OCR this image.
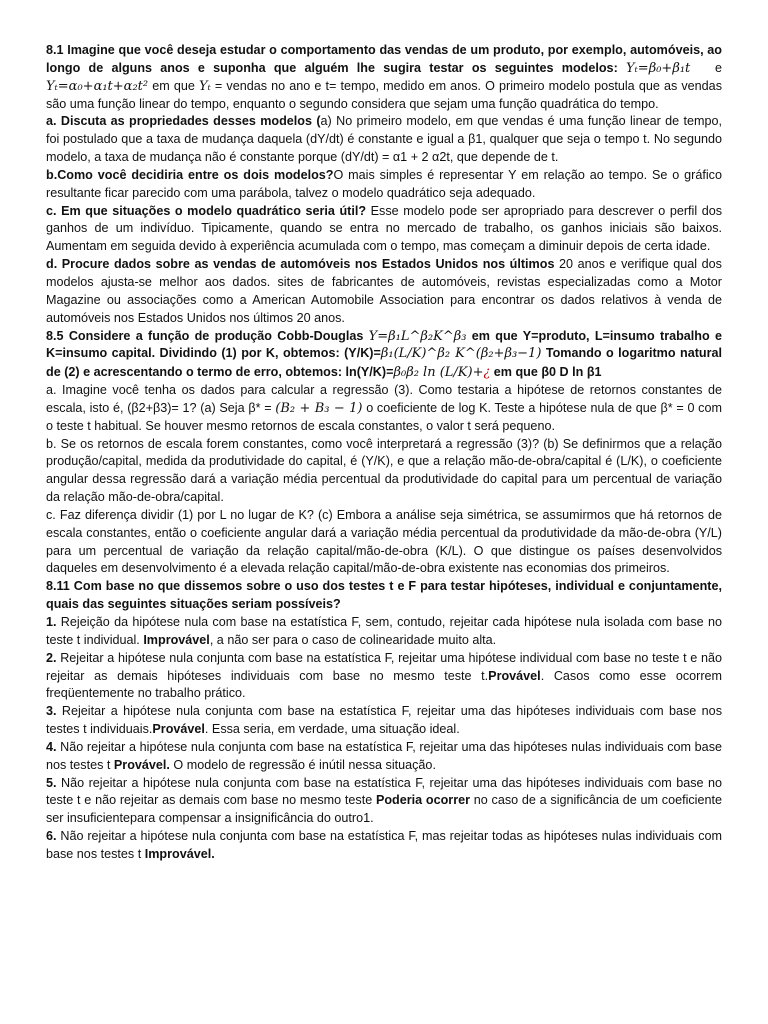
8.1 Imagine que você deseja estudar o comportamento das vendas de um produto, por exemplo, automóveis, ao longo de alguns anos e suponha que alguém lhe sugira testar os seguintes modelos: Yₜ=β₀+β₁t e Yₜ=α₀+α₁t+α₂t² em que Yₜ = vendas no ano e t= tempo, medido em anos. O primeiro modelo postula que as vendas são uma função linear do tempo, enquanto o segundo considera que sejam uma função quadrática do tempo.

a. Discuta as propriedades desses modelos (a) No primeiro modelo, em que vendas é uma função linear de tempo, foi postulado que a taxa de mudança daquela (dY/dt) é constante e igual a β1, qualquer que seja o tempo t. No segundo modelo, a taxa de mudança não é constante porque (dY/dt) = α1 + 2 α2t, que depende de t.

b.Como você decidiria entre os dois modelos?O mais simples é representar Y em relação ao tempo. Se o gráfico resultante ficar parecido com uma parábola, talvez o modelo quadrático seja adequado.

c. Em que situações o modelo quadrático seria útil? Esse modelo pode ser apropriado para descrever o perfil dos ganhos de um indivíduo. Tipicamente, quando se entra no mercado de trabalho, os ganhos iniciais são baixos. Aumentam em seguida devido à experiência acumulada com o tempo, mas começam a diminuir depois de certa idade.

d. Procure dados sobre as vendas de automóveis nos Estados Unidos nos últimos 20 anos e verifique qual dos modelos ajusta-se melhor aos dados. sites de fabricantes de automóveis, revistas especializadas como a Motor Magazine ou associações como a American Automobile Association para encontrar os dados relativos à venda de automóveis nos Estados Unidos nos últimos 20 anos.

8.5 Considere a função de produção Cobb-Douglas Y=β₁L^β₂K^β₃ em que Y=produto, L=insumo trabalho e K=insumo capital. Dividindo (1) por K, obtemos: (Y/K)=β₁(L/K)^β₂ K^(β₂+β₃−1) Tomando o logaritmo natural de (2) e acrescentando o termo de erro, obtemos: ln(Y/K)=β₀β₂ ln (L/K)+¿ em que β0 D ln β1

a. Imagine você tenha os dados para calcular a regressão (3). Como testaria a hipótese de retornos constantes de escala, isto é, (β2+β3)= 1? (a) Seja β* = (B₂ + B₃ − 1) o coeficiente de log K. Teste a hipótese nula de que β* = 0 com o teste t habitual. Se houver mesmo retornos de escala constantes, o valor t será pequeno.

b. Se os retornos de escala forem constantes, como você interpretará a regressão (3)? (b) Se definirmos que a relação produção/capital, medida da produtividade do capital, é (Y/K), e que a relação mão-de-obra/capital é (L/K), o coeficiente angular dessa regressão dará a variação média percentual da produtividade do capital para um percentual de variação da relação mão-de-obra/capital.

c. Faz diferença dividir (1) por L no lugar de K? (c) Embora a análise seja simétrica, se assumirmos que há retornos de escala constantes, então o coeficiente angular dará a variação média percentual da produtividade da mão-de-obra (Y/L) para um percentual de variação da relação capital/mão-de-obra (K/L). O que distingue os países desenvolvidos daqueles em desenvolvimento é a elevada relação capital/mão-de-obra existente nas economias dos primeiros.

8.11 Com base no que dissemos sobre o uso dos testes t e F para testar hipóteses, individual e conjuntamente, quais das seguintes situações seriam possíveis?

1. Rejeição da hipótese nula com base na estatística F, sem, contudo, rejeitar cada hipótese nula isolada com base no teste t individual. Improvável, a não ser para o caso de colinearidade muito alta.

2. Rejeitar a hipótese nula conjunta com base na estatística F, rejeitar uma hipótese individual com base no teste t e não rejeitar as demais hipóteses individuais com base no mesmo teste t.Provável. Casos como esse ocorrem freqüentemente no trabalho prático.

3. Rejeitar a hipótese nula conjunta com base na estatística F, rejeitar uma das hipóteses individuais com base nos testes t individuais.Provável. Essa seria, em verdade, uma situação ideal.

4. Não rejeitar a hipótese nula conjunta com base na estatística F, rejeitar uma das hipóteses nulas individuais com base nos testes t Provável. O modelo de regressão é inútil nessa situação.

5. Não rejeitar a hipótese nula conjunta com base na estatística F, rejeitar uma das hipóteses individuais com base no teste t e não rejeitar as demais com base no mesmo teste Poderia ocorrer no caso de a significância de um coeficiente ser insuficientepara compensar a insignificância do outro1.

6. Não rejeitar a hipótese nula conjunta com base na estatística F, mas rejeitar todas as hipóteses nulas individuais com base nos testes t Improvável.
